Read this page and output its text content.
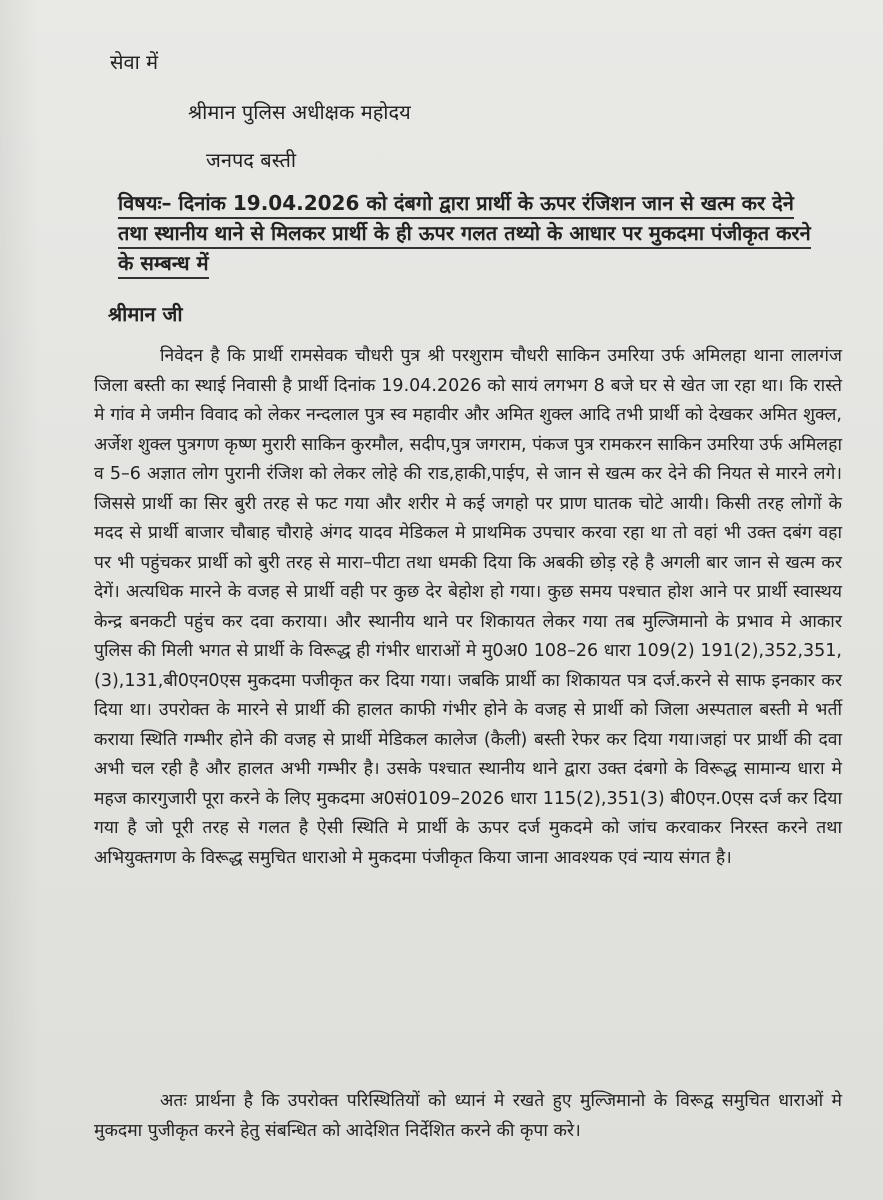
सेवा में
श्रीमान पुलिस अधीक्षक महोदय
जनपद बस्ती
विषयः– दिनांक 19.04.2026 को दंबगो द्वारा प्रार्थी के ऊपर रंजिशन जान से खत्म कर देने तथा स्थानीय थाने से मिलकर प्रार्थी के ही ऊपर गलत तथ्यो के आधार पर मुकदमा पंजीकृत करने के सम्बन्ध में
श्रीमान जी

निवेदन है कि प्रार्थी रामसेवक चौधरी पुत्र श्री परशुराम चौधरी साकिन उमरिया उर्फ अमिलहा थाना लालगंज जिला बस्ती का स्थाई निवासी है प्रार्थी दिनांक 19.04.2026 को सायं लगभग 8 बजे घर से खेत जा रहा था। कि रास्ते मे गांव मे जमीन विवाद को लेकर नन्दलाल पुत्र स्व महावीर और अमित शुक्ल आदि तभी प्रार्थी को देखकर अमित शुक्ल, अर्जेश शुक्ल पुत्रगण कृष्ण मुरारी साकिन कुरमौल, सदीप,पुत्र जगराम, पंकज पुत्र रामकरन साकिन उमरिया उर्फ अमिलहा व 5–6 अज्ञात लोग पुरानी रंजिश को लेकर लोहे की राड,हाकी,पाईप, से जान से खत्म कर देने की नियत से मारने लगे।जिससे प्रार्थी का सिर बुरी तरह से फट गया और शरीर मे कई जगहो पर प्राण घातक चोटे आयी। किसी तरह लोगों के मदद से प्रार्थी बाजार चौबाह चौराहे अंगद यादव मेडिकल मे प्राथमिक उपचार करवा रहा था तो वहां भी उक्त दबंग वहा पर भी पहुंचकर प्रार्थी को बुरी तरह से मारा–पीटा तथा धमकी दिया कि अबकी छोड़ रहे है अगली बार जान से खत्म कर देगें। अत्यधिक मारने के वजह से प्रार्थी वही पर कुछ देर बेहोश हो गया। कुछ समय पश्चात होश आने पर प्रार्थी स्वास्थय केन्द्र बनकटी पहुंच कर दवा कराया। और स्थानीय थाने पर शिकायत लेकर गया तब मुल्जिमानो के प्रभाव मे आकार पुलिस की मिली भगत से प्रार्थी के विरूद्ध ही गंभीर धाराओं मे मु0अ0 108–26 धारा 109(2) 191(2),352,351,(3),131,बी0एन0एस मुकदमा पजीकृत कर दिया गया। जबकि प्रार्थी का शिकायत पत्र दर्ज.करने से साफ इनकार कर दिया था। उपरोक्त के मारने से प्रार्थी की हालत काफी गंभीर होने के वजह से प्रार्थी को जिला अस्पताल बस्ती मे भर्ती कराया स्थिति गम्भीर होने की वजह से प्रार्थी मेडिकल कालेज (कैली) बस्ती रेफर कर दिया गया।जहां पर प्रार्थी की दवा अभी चल रही है और हालत अभी गम्भीर है। उसके पश्चात स्थानीय थाने द्वारा उक्त दंबगो के विरूद्ध सामान्य धारा मे महज कारगुजारी पूरा करने के लिए मुकदमा अ0सं0109–2026 धारा 115(2),351(3) बी0एन.0एस दर्ज कर दिया गया है जो पूरी तरह से गलत है ऐसी स्थिति मे प्रार्थी के ऊपर दर्ज मुकदमे को जांच करवाकर निरस्त करने तथा अभियुक्तगण के विरूद्ध समुचित धाराओ मे मुकदमा पंजीकृत किया जाना आवश्यक एवं न्याय संगत है।

अतः प्रार्थना है कि उपरोक्त परिस्थितियों को ध्यानं मे रखते हुए मुल्जिमानो के विरूद्व समुचित धाराओं मे मुकदमा पुजीकृत करने हेतु संबन्धित को आदेशित निर्देशित करने की कृपा करे।
